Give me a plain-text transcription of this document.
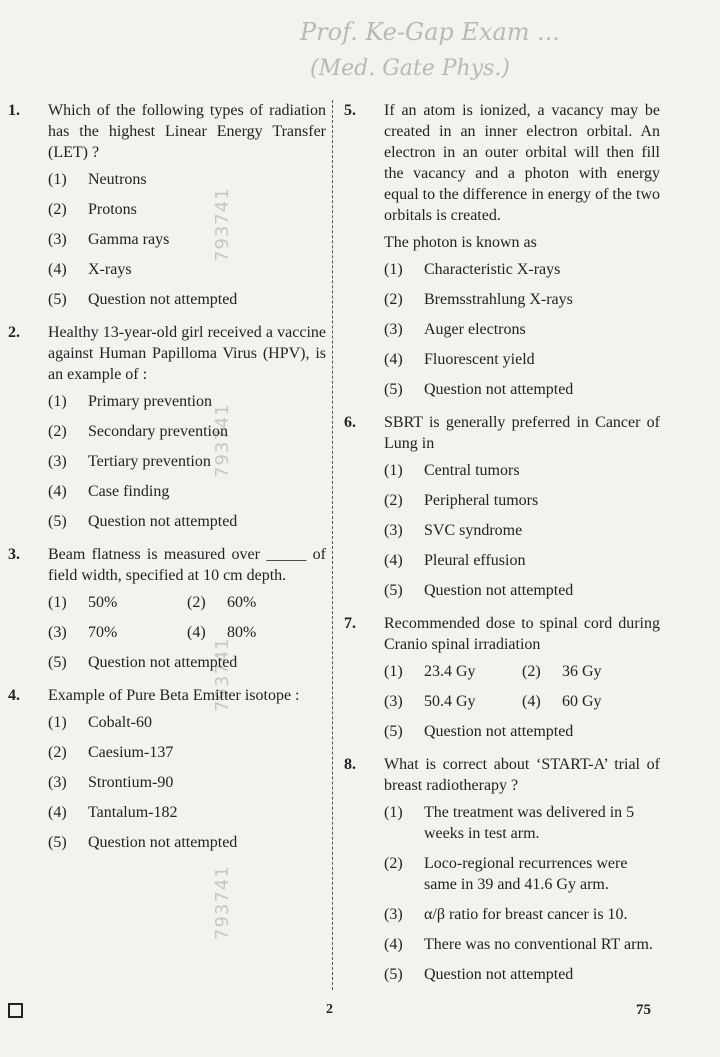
Prof. Ke-Gap Exam ...
(Med. Gate Phys.)
793741
793741
793741
793741
1. Which of the following types of radiation has the highest Linear Energy Transfer (LET) ?

(1) Neutrons
(2) Protons
(3) Gamma rays
(4) X-rays
(5) Question not attempted
2. Healthy 13-year-old girl received a vaccine against Human Papilloma Virus (HPV), is an example of :

(1) Primary prevention
(2) Secondary prevention
(3) Tertiary prevention
(4) Case finding
(5) Question not attempted
3. Beam flatness is measured over _____ of field width, specified at 10 cm depth.

(1) 50%	(2) 60%
(3) 70%	(4) 80%
(5) Question not attempted
4. Example of Pure Beta Emitter isotope :

(1) Cobalt-60
(2) Caesium-137
(3) Strontium-90
(4) Tantalum-182
(5) Question not attempted
5. If an atom is ionized, a vacancy may be created in an inner electron orbital. An electron in an outer orbital will then fill the vacancy and a photon with energy equal to the difference in energy of the two orbitals is created.

The photon is known as

(1) Characteristic X-rays
(2) Bremsstrahlung X-rays
(3) Auger electrons
(4) Fluorescent yield
(5) Question not attempted
6. SBRT is generally preferred in Cancer of Lung in

(1) Central tumors
(2) Peripheral tumors
(3) SVC syndrome
(4) Pleural effusion
(5) Question not attempted
7. Recommended dose to spinal cord during Cranio spinal irradiation

(1) 23.4 Gy	(2) 36 Gy
(3) 50.4 Gy	(4) 60 Gy
(5) Question not attempted
8. What is correct about ‘START-A’ trial of breast radiotherapy ?

(1) The treatment was delivered in 5 weeks in test arm.
(2) Loco-regional recurrences were same in 39 and 41.6 Gy arm.
(3) α/β ratio for breast cancer is 10.
(4) There was no conventional RT arm.
(5) Question not attempted
2	75
